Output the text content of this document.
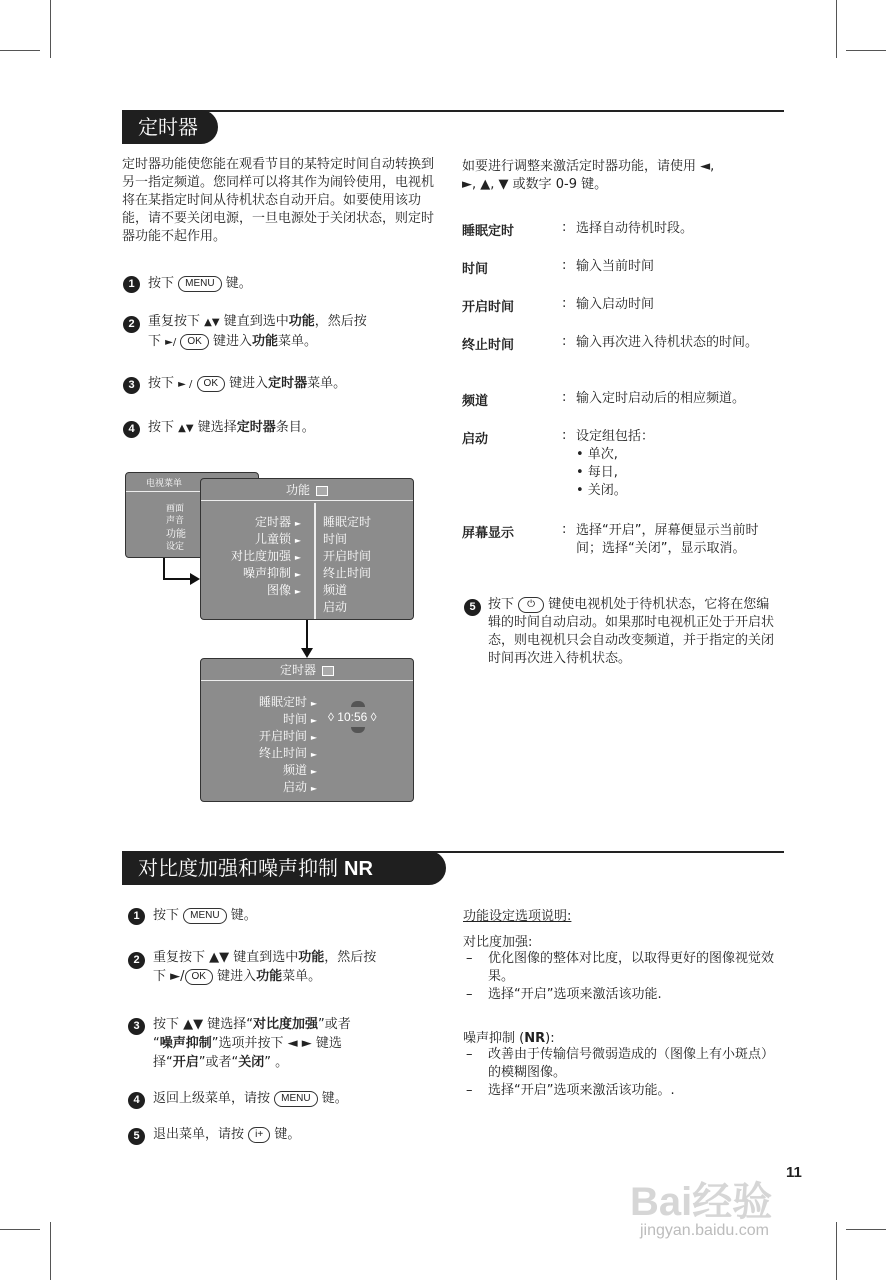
定时器
定时器功能使您能在观看节目的某特定时间自动转换到另一指定频道。您同样可以将其作为闹铃使用，电视机将在某指定时间从待机状态自动开启。如要使用该功能，请不要关闭电源，一旦电源处于关闭状态，则定时器功能不起作用。
1	按下 MENU 键。
2	重复按下 ▲▼ 键直到选中功能，然后按
下 ►/ OK 键进入功能菜单。
3	按下 ► / OK 键进入定时器菜单。
4	按下 ▲▼ 键选择定时器条目。
电视菜单
画面
声音
功能
设定
功能
定时器 ►
儿童锁 ►
对比度加强 ►
噪声抑制 ►
图像 ►
睡眠定时
时间
开启时间
终止时间
频道
启动
定时器
睡眠定时 ►
时间 ►
开启时间 ►
终止时间 ►
频道 ►
启动 ►
◊ 10:56 ◊
如要进行调整来激活定时器功能，请使用 ◄,
►, ▲, ▼ 或数字 0-9 键。
睡眠定时	: 选择自动待机时段。
时间	: 输入当前时间
开启时间	: 输入启动时间
终止时间	: 输入再次进入待机状态的时间。
频道	: 输入定时启动后的相应频道。
启动	: 设定组包括：
• 单次,
• 每日,
• 关闭。
屏幕显示	: 选择“开启”，屏幕便显示当前时间；选择“关闭”，显示取消。
5 按下 ⏻ 键使电视机处于待机状态，它将在您编辑的时间自动启动。如果那时电视机正处于开启状态，则电视机只会自动改变频道，并于指定的关闭时间再次进入待机状态。
对比度加强和噪声抑制 NR
1	按下 MENU 键。
2	重复按下 ▲▼ 键直到选中功能，然后按
下 ►/ OK 键进入功能菜单。
3	按下 ▲▼ 键选择“对比度加强”或者
“噪声抑制”选项并按下 ◄ ► 键选
择“开启”或者“关闭” 。
4	返回上级菜单，请按 MENU 键。
5	退出菜单，请按 i+ 键。
功能设定选项说明:
对比度加强:
– 优化图像的整体对比度，以取得更好的图像视觉效果。
– 选择“开启”选项来激活该功能.
噪声抑制 (NR):
– 改善由于传输信号微弱造成的（图像上有小斑点）的模糊图像。
– 选择“开启”选项来激活该功能。.
11
Bai经验
jingyan.baidu.com
